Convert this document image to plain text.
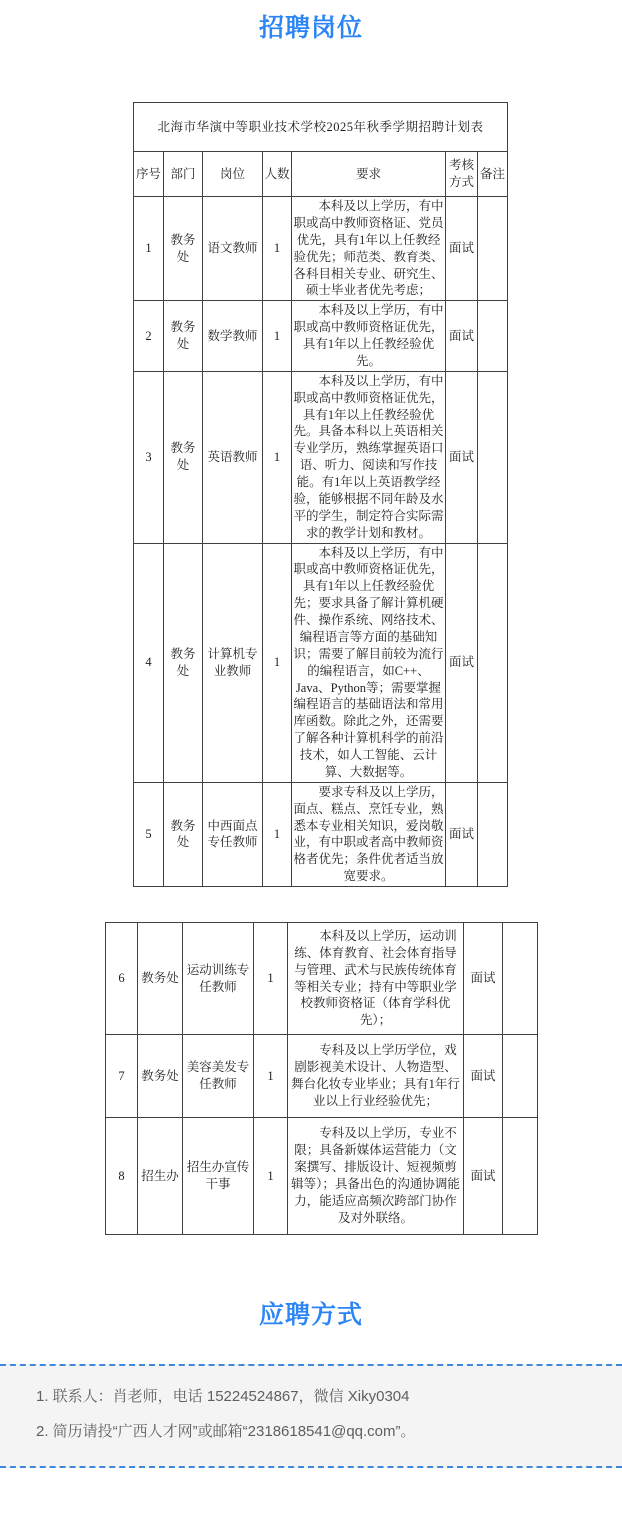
招聘岗位
北海市华演中等职业技术学校2025年秋季学期招聘计划表						
序号	部门	岗位	人数	要求	考核方式	备注
1	教务处	语文教师	1	本科及以上学历，有中职或高中教师资格证、党员优先，具有1年以上任教经验优先；师范类、教育类、各科目相关专业、研究生、硕士毕业者优先考虑；	面试	
2	教务处	数学教师	1	本科及以上学历，有中职或高中教师资格证优先，具有1年以上任教经验优先。	面试	
3	教务处	英语教师	1	本科及以上学历，有中职或高中教师资格证优先，具有1年以上任教经验优先。具备本科以上英语相关专业学历，熟练掌握英语口语、听力、阅读和写作技能。有1年以上英语教学经验，能够根据不同年龄及水平的学生，制定符合实际需求的教学计划和教材。	面试	
4	教务处	计算机专业教师	1	本科及以上学历，有中职或高中教师资格证优先，具有1年以上任教经验优先；要求具备了解计算机硬件、操作系统、网络技术、编程语言等方面的基础知识；需要了解目前较为流行的编程语言，如C++、Java、Python等；需要掌握编程语言的基础语法和常用库函数。除此之外，还需要了解各种计算机科学的前沿技术，如人工智能、云计算、大数据等。	面试	
5	教务处	中西面点专任教师	1	要求专科及以上学历，面点、糕点、烹饪专业，熟悉本专业相关知识，爱岗敬业，有中职或者高中教师资格者优先；条件优者适当放宽要求。	面试	
6	教务处	运动训练专任教师	1	本科及以上学历，运动训练、体育教育、社会体育指导与管理、武术与民族传统体育等相关专业；持有中等职业学校教师资格证（体育学科优先）；	面试	
7	教务处	美容美发专任教师	1	专科及以上学历学位，戏剧影视美术设计、人物造型、舞台化妆专业毕业；具有1年行业以上行业经验优先；	面试	
8	招生办	招生办宣传干事	1	专科及以上学历，专业不限；具备新媒体运营能力（文案撰写、排版设计、短视频剪辑等）；具备出色的沟通协调能力，能适应高频次跨部门协作及对外联络。	面试	
应聘方式

1. 联系人：肖老师，电话 15224524867，微信 Xiky0304

2. 简历请投“广西人才网”或邮箱“2318618541@qq.com”。
